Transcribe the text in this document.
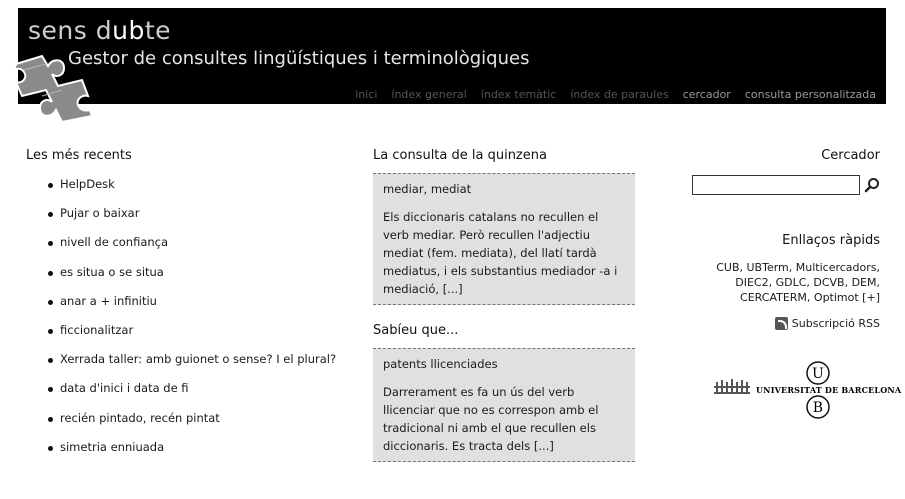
sens dubte
Gestor de consultes lingüístiques i terminològiques
inici índex general índex temàtic índex de paraules cercador consulta personalitzada
Les més recents
HelpDesk
Pujar o baixar
nivell de confiança
es situa o se situa
anar a + infinitiu
ficcionalitzar
Xerrada taller: amb guionet o sense? I el plural?
data d'inici i data de fi
recién pintado, recén pintat
simetria enniuada
La consulta de la quinzena
mediar, mediat
Els diccionaris catalans no recullen el verb mediar. Però recullen l'adjectiu mediat (fem. mediata), del llatí tardà mediatus, i els substantius mediador -a i mediació, [...]
Sabíeu que...
patents llicenciades
Darrerament es fa un ús del verb llicenciar que no es correspon amb el tradicional ni amb el que recullen els diccionaris. Es tracta dels [...]
Cercador
Enllaços ràpids
CUB, UBTerm, Multicercadors,
DIEC2, GDLC, DCVB, DEM,
CERCATERM, Optimot [+]
Subscripció RSS
U
B
UNIVERSITAT DE BARCELONA
